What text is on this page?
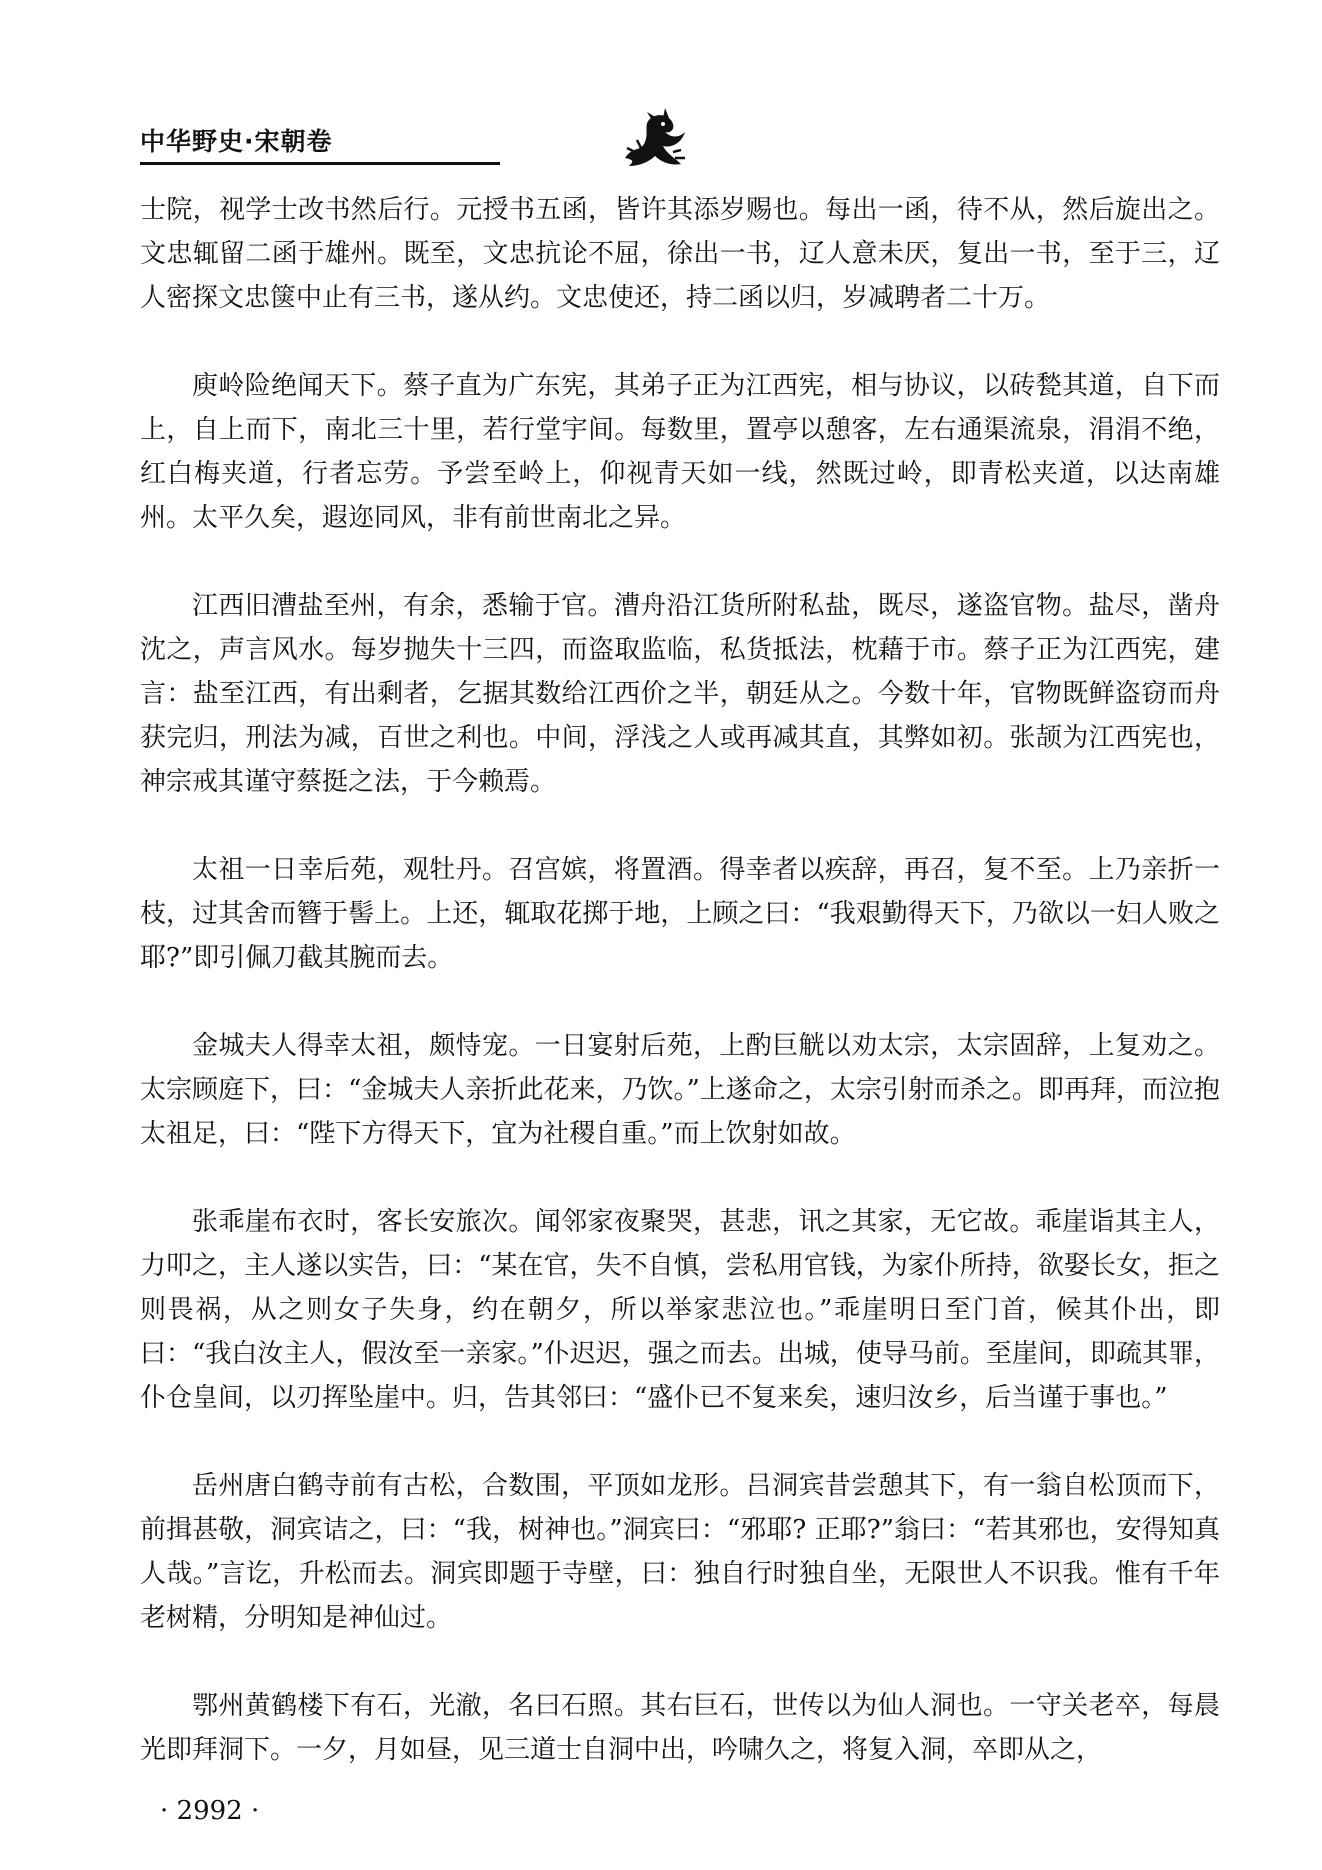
中华野史·宋朝卷

士院，视学士改书然后行。元授书五函，皆许其添岁赐也。每出一函，待不从，然后旋出之。文忠辄留二函于雄州。既至，文忠抗论不屈，徐出一书，辽人意未厌，复出一书，至于三，辽人密探文忠箧中止有三书，遂从约。文忠使还，持二函以归，岁减聘者二十万。

庾岭险绝闻天下。蔡子直为广东宪，其弟子正为江西宪，相与协议，以砖甃其道，自下而上，自上而下，南北三十里，若行堂宇间。每数里，置亭以憩客，左右通渠流泉，涓涓不绝，红白梅夹道，行者忘劳。予尝至岭上，仰视青天如一线，然既过岭，即青松夹道，以达南雄州。太平久矣，遐迩同风，非有前世南北之异。

江西旧漕盐至州，有余，悉输于官。漕舟沿江货所附私盐，既尽，遂盗官物。盐尽，凿舟沈之，声言风水。每岁抛失十三四，而盗取监临，私货抵法，枕藉于市。蔡子正为江西宪，建言：盐至江西，有出剩者，乞据其数给江西价之半，朝廷从之。今数十年，官物既鲜盗窃而舟获完归，刑法为减，百世之利也。中间，浮浅之人或再减其直，其弊如初。张颉为江西宪也，神宗戒其谨守蔡挺之法，于今赖焉。

太祖一日幸后苑，观牡丹。召宫嫔，将置酒。得幸者以疾辞，再召，复不至。上乃亲折一枝，过其舍而簪于髻上。上还，辄取花掷于地，上顾之曰：“我艰勤得天下，乃欲以一妇人败之耶?”即引佩刀截其腕而去。

金城夫人得幸太祖，颇恃宠。一日宴射后苑，上酌巨觥以劝太宗，太宗固辞，上复劝之。太宗顾庭下，曰：“金城夫人亲折此花来，乃饮。”上遂命之，太宗引射而杀之。即再拜，而泣抱太祖足，曰：“陛下方得天下，宜为社稷自重。”而上饮射如故。

张乖崖布衣时，客长安旅次。闻邻家夜聚哭，甚悲，讯之其家，无它故。乖崖诣其主人，力叩之，主人遂以实告，曰：“某在官，失不自慎，尝私用官钱，为家仆所持，欲娶长女，拒之则畏祸，从之则女子失身，约在朝夕，所以举家悲泣也。”乖崖明日至门首，候其仆出，即曰：“我白汝主人，假汝至一亲家。”仆迟迟，强之而去。出城，使导马前。至崖间，即疏其罪，仆仓皇间，以刃挥坠崖中。归，告其邻曰：“盛仆已不复来矣，速归汝乡，后当谨于事也。”

岳州唐白鹤寺前有古松，合数围，平顶如龙形。吕洞宾昔尝憩其下，有一翁自松顶而下，前揖甚敬，洞宾诘之，曰：“我，树神也。”洞宾曰：“邪耶? 正耶?”翁曰：“若其邪也，安得知真人哉。”言讫，升松而去。洞宾即题于寺壁，曰：独自行时独自坐，无限世人不识我。惟有千年老树精，分明知是神仙过。

鄂州黄鹤楼下有石，光澈，名曰石照。其右巨石，世传以为仙人洞也。一守关老卒，每晨光即拜洞下。一夕，月如昼，见三道士自洞中出，吟啸久之，将复入洞，卒即从之，

· 2992 ·
